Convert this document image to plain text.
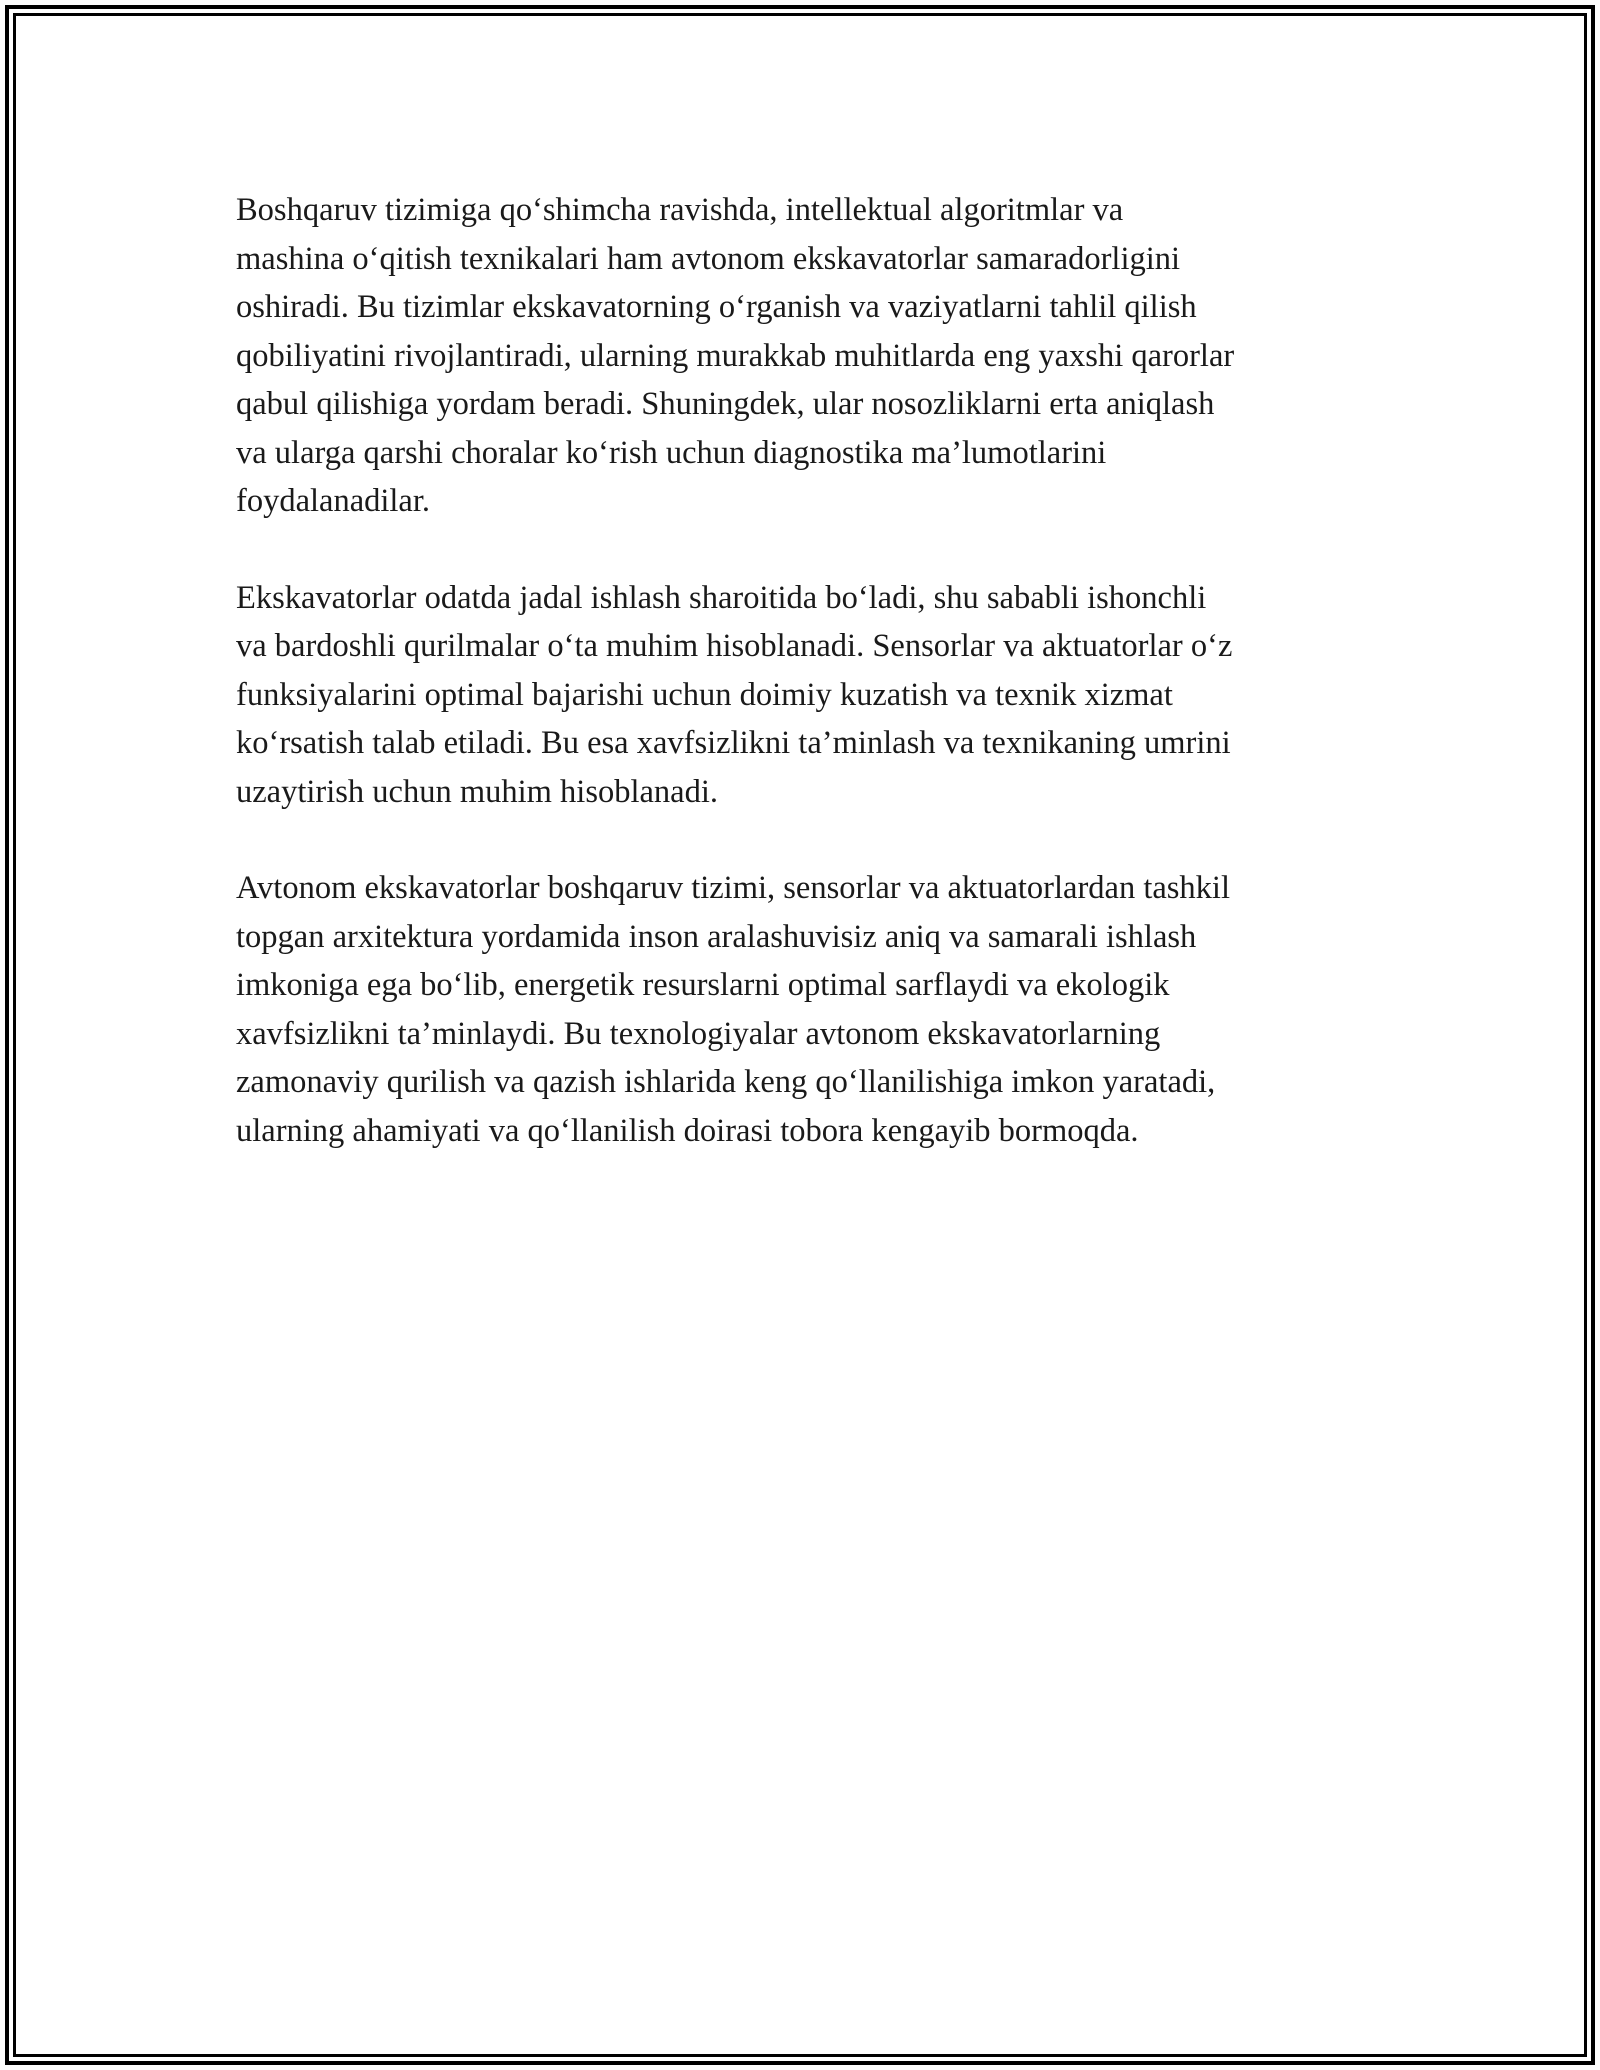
Boshqaruv tizimiga qo‘shimcha ravishda, intellektual algoritmlar va
mashina o‘qitish texnikalari ham avtonom ekskavatorlar samaradorligini
oshiradi. Bu tizimlar ekskavatorning o‘rganish va vaziyatlarni tahlil qilish
qobiliyatini rivojlantiradi, ularning murakkab muhitlarda eng yaxshi qarorlar
qabul qilishiga yordam beradi. Shuningdek, ular nosozliklarni erta aniqlash
va ularga qarshi choralar ko‘rish uchun diagnostika ma’lumotlarini
foydalanadilar.

Ekskavatorlar odatda jadal ishlash sharoitida bo‘ladi, shu sababli ishonchli
va bardoshli qurilmalar o‘ta muhim hisoblanadi. Sensorlar va aktuatorlar o‘z
funksiyalarini optimal bajarishi uchun doimiy kuzatish va texnik xizmat
ko‘rsatish talab etiladi. Bu esa xavfsizlikni ta’minlash va texnikaning umrini
uzaytirish uchun muhim hisoblanadi.

Avtonom ekskavatorlar boshqaruv tizimi, sensorlar va aktuatorlardan tashkil
topgan arxitektura yordamida inson aralashuvisiz aniq va samarali ishlash
imkoniga ega bo‘lib, energetik resurslarni optimal sarflaydi va ekologik
xavfsizlikni ta’minlaydi. Bu texnologiyalar avtonom ekskavatorlarning
zamonaviy qurilish va qazish ishlarida keng qo‘llanilishiga imkon yaratadi,
ularning ahamiyati va qo‘llanilish doirasi tobora kengayib bormoqda.
